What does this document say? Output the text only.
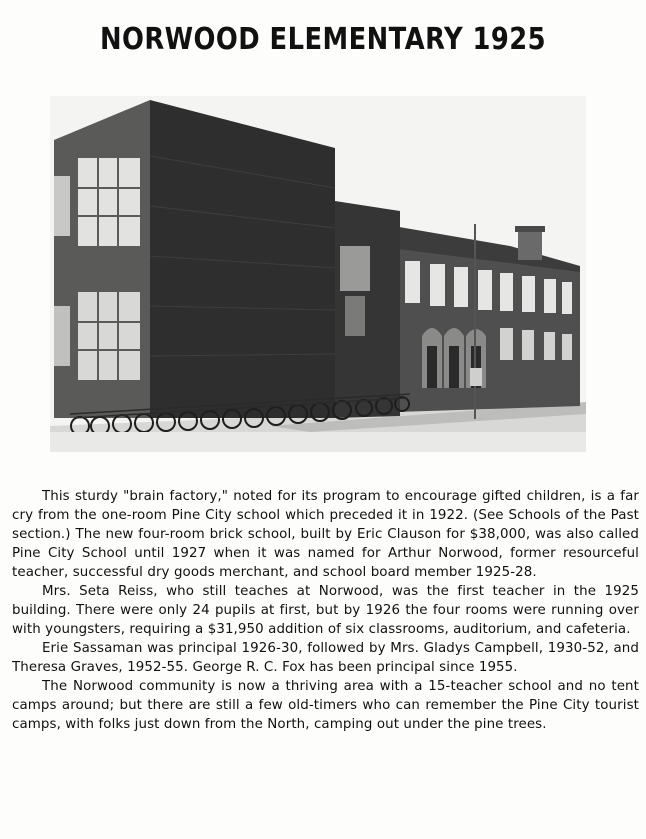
NORWOOD ELEMENTARY 1925

This sturdy "brain factory," noted for its program to encourage gifted children, is a far cry from the one-room Pine City school which preceded it in 1922. (See Schools of the Past section.) The new four-room brick school, built by Eric Clauson for $38,000, was also called Pine City School until 1927 when it was named for Arthur Norwood, former resourceful teacher, successful dry goods merchant, and school board member 1925-28.

Mrs. Seta Reiss, who still teaches at Norwood, was the first teacher in the 1925 building. There were only 24 pupils at first, but by 1926 the four rooms were running over with youngsters, requiring a $31,950 addition of six classrooms, auditorium, and cafeteria.

Erie Sassaman was principal 1926-30, followed by Mrs. Gladys Campbell, 1930-52, and Theresa Graves, 1952-55. George R. C. Fox has been principal since 1955.

The Norwood community is now a thriving area with a 15-teacher school and no tent camps around; but there are still a few old-timers who can remember the Pine City tourist camps, with folks just down from the North, camping out under the pine trees.
